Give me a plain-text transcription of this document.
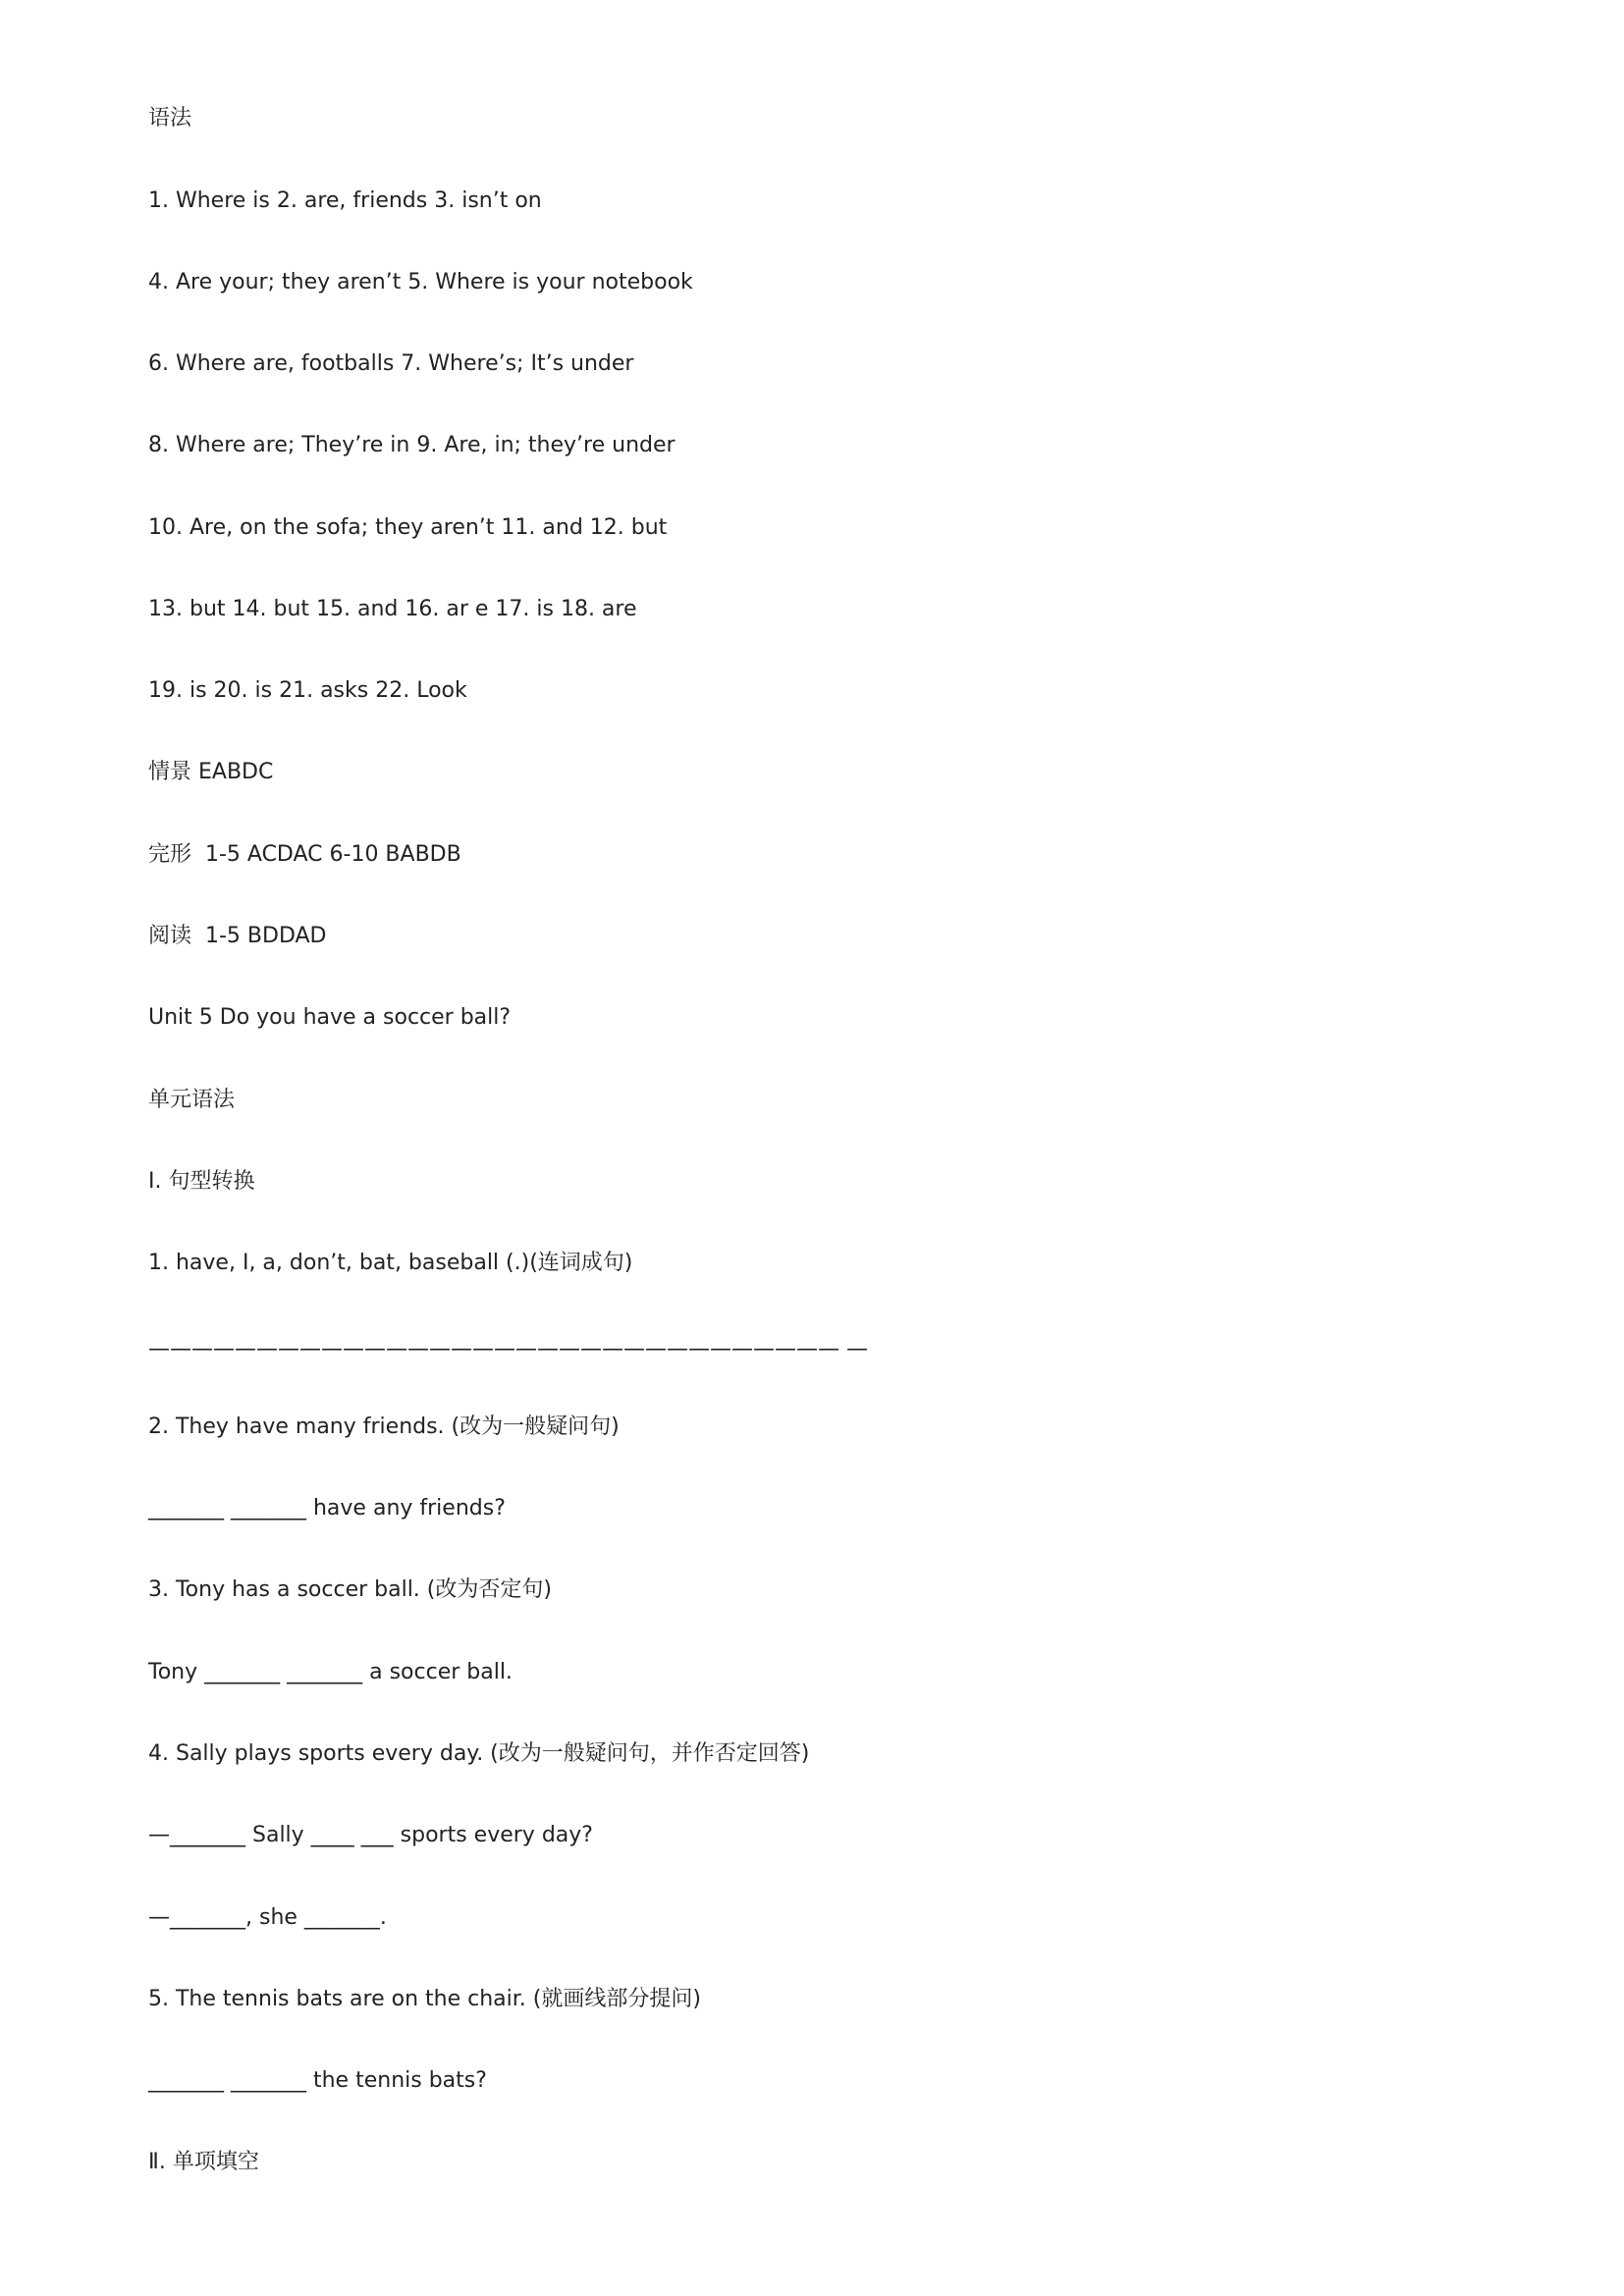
语法
1. Where is 2. are, friends 3. isn’t on
4. Are your; they aren’t 5. Where is your notebook
6. Where are, footballs 7. Where’s; It’s under
8. Where are; They’re in 9. Are, in; they’re under
10. Are, on the sofa; they aren’t 11. and 12. but
13. but 14. but 15. and 16. ar e 17. is 18. are
19. is 20. is 21. asks 22. Look
情景 EABDC
完形  1-5 ACDAC 6-10 BABDB
阅读  1-5 BDDAD
Unit 5 Do you have a soccer ball?
单元语法
Ⅰ. 句型转换
1. have, I, a, don’t, bat, baseball (.)(连词成句)
———————————————————————————————— —
2. They have many friends. (改为一般疑问句)
_______ _______ have any friends?
3. Tony has a soccer ball. (改为否定句)
Tony _______ _______ a soccer ball.
4. Sally plays sports every day. (改为一般疑问句，并作否定回答)
—_______ Sally ____ ___ sports every day?
—_______, she _______.
5. The tennis bats are on the chair. (就画线部分提问)
_______ _______ the tennis bats?
Ⅱ. 单项填空
